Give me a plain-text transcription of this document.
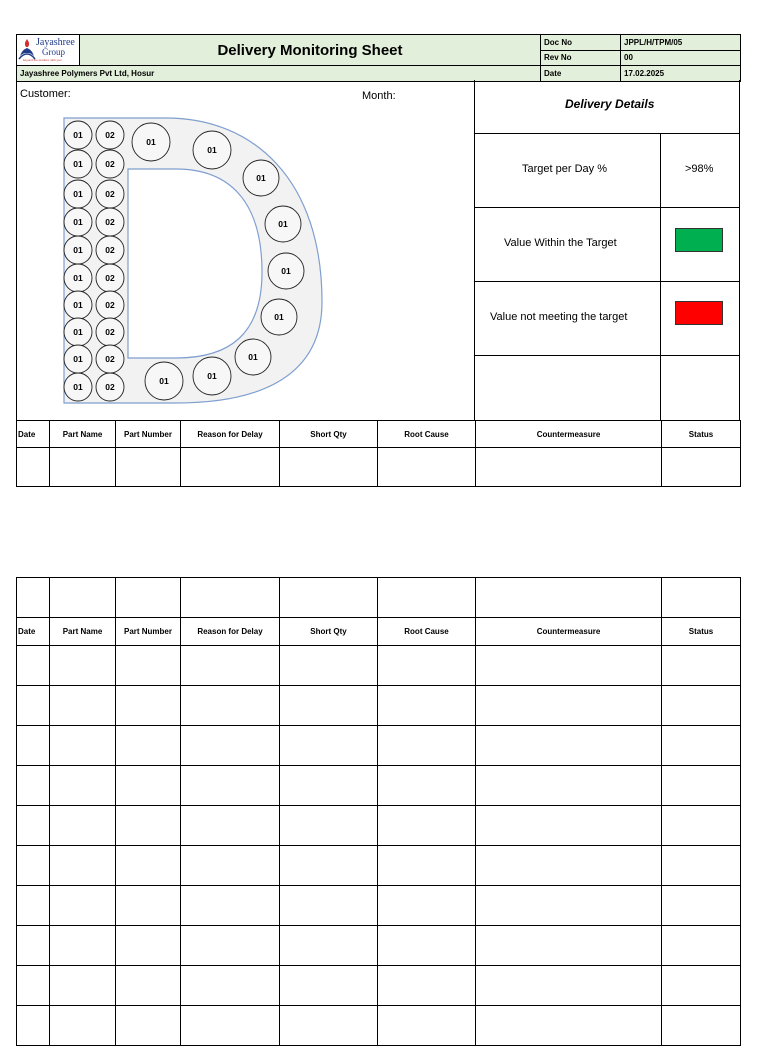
Jayashree
Group
beyond the product, with you	Delivery Monitoring Sheet	Doc No	JPPL/H/TPM/05
		Rev No	00
Jayashree Polymers Pvt Ltd, Hosur		Date	17.02.2025
Customer:	Month:
01
01
01
01
01
01
01
01
01
01
02
02
02
02
02
02
02
02
02
02
01
01
01
01
01
01
01
01
01
Delivery Details
Target per Day %	>98%
Value Within the Target
Value not meeting the target
Date	Part Name	Part Number	Reason for Delay	Short Qty	Root Cause	Countermeasure	Status

Date	Part Name	Part Number	Reason for Delay	Short Qty	Root Cause	Countermeasure	Status
